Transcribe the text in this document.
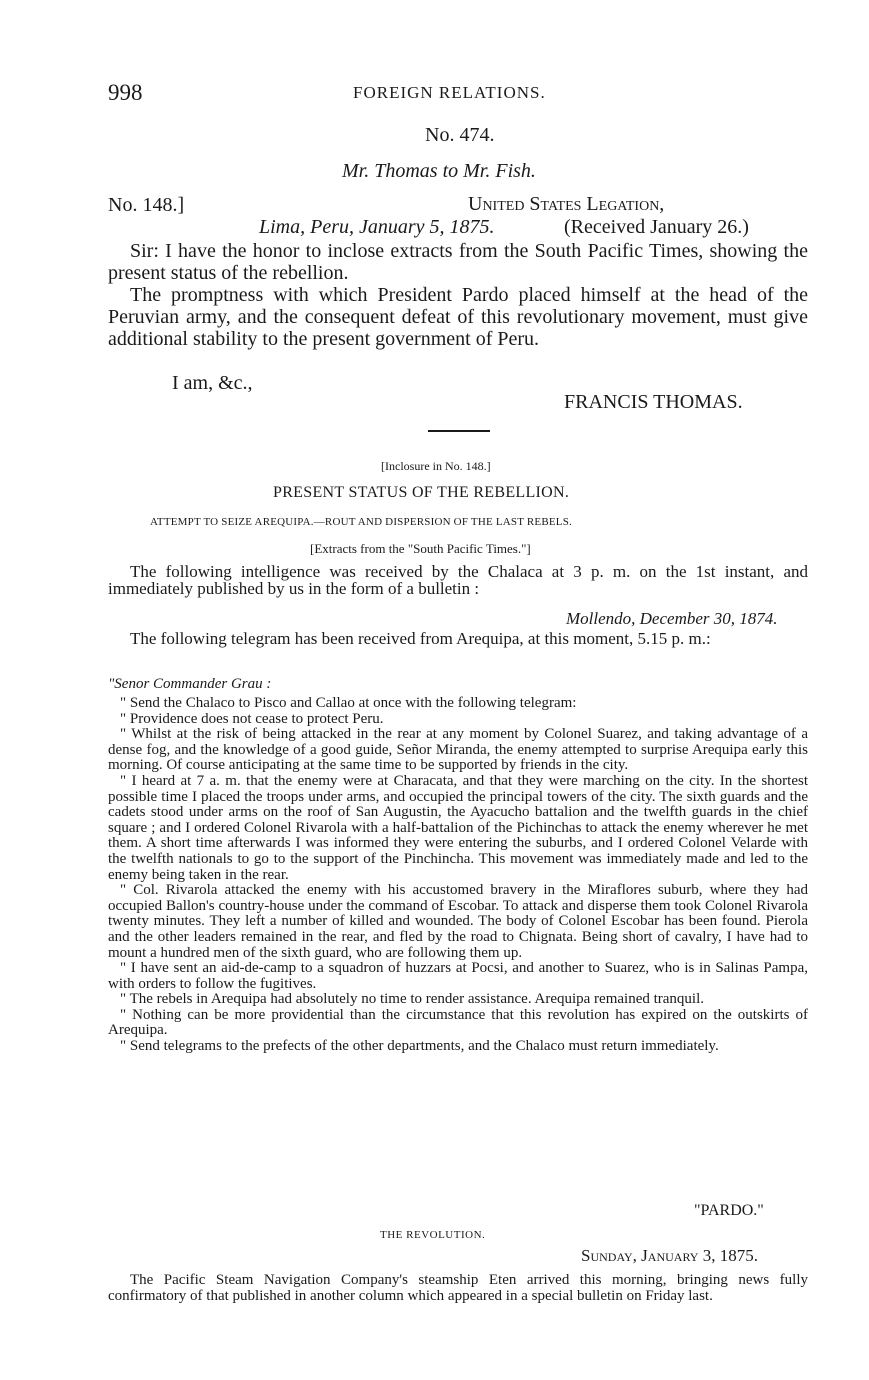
998	FOREIGN RELATIONS.
No. 474.
Mr. Thomas to Mr. Fish.
No. 148.]	United States Legation,
Lima, Peru, January 5, 1875.	(Received January 26.)

Sir: I have the honor to inclose extracts from the South Pacific Times, showing the present status of the rebellion.

The promptness with which President Pardo placed himself at the head of the Peruvian army, and the consequent defeat of this revolutionary movement, must give additional stability to the present government of Peru.

I am, &c.,
FRANCIS THOMAS.
[Inclosure in No. 148.]
PRESENT STATUS OF THE REBELLION.
ATTEMPT TO SEIZE AREQUIPA.—ROUT AND DISPERSION OF THE LAST REBELS.
[Extracts from the "South Pacific Times."]

The following intelligence was received by the Chalaca at 3 p. m. on the 1st instant, and immediately published by us in the form of a bulletin :

Mollendo, December 30, 1874.

The following telegram has been received from Arequipa, at this moment, 5.15 p. m.:

"Senor Commander Grau :

" Send the Chalaco to Pisco and Callao at once with the following telegram:

" Providence does not cease to protect Peru.

" Whilst at the risk of being attacked in the rear at any moment by Colonel Suarez, and taking advantage of a dense fog, and the knowledge of a good guide, Señor Miranda, the enemy attempted to surprise Arequipa early this morning. Of course anticipating at the same time to be supported by friends in the city.

" I heard at 7 a. m. that the enemy were at Characata, and that they were marching on the city. In the shortest possible time I placed the troops under arms, and occupied the principal towers of the city. The sixth guards and the cadets stood under arms on the roof of San Augustin, the Ayacucho battalion and the twelfth guards in the chief square ; and I ordered Colonel Rivarola with a half-battalion of the Pichinchas to attack the enemy wherever he met them. A short time afterwards I was informed they were entering the suburbs, and I ordered Colonel Velarde with the twelfth nationals to go to the support of the Pinchincha. This movement was immediately made and led to the enemy being taken in the rear.

" Col. Rivarola attacked the enemy with his accustomed bravery in the Miraflores suburb, where they had occupied Ballon's country-house under the command of Escobar. To attack and disperse them took Colonel Rivarola twenty minutes. They left a number of killed and wounded. The body of Colonel Escobar has been found. Pierola and the other leaders remained in the rear, and fled by the road to Chignata. Being short of cavalry, I have had to mount a hundred men of the sixth guard, who are following them up.

" I have sent an aid-de-camp to a squadron of huzzars at Pocsi, and another to Suarez, who is in Salinas Pampa, with orders to follow the fugitives.

" The rebels in Arequipa had absolutely no time to render assistance. Arequipa remained tranquil.

" Nothing can be more providential than the circumstance that this revolution has expired on the outskirts of Arequipa.

" Send telegrams to the prefects of the other departments, and the Chalaco must return immediately.

"PARDO."
THE REVOLUTION.
Sunday, January 3, 1875.

The Pacific Steam Navigation Company's steamship Eten arrived this morning, bringing news fully confirmatory of that published in another column which appeared in a special bulletin on Friday last.
